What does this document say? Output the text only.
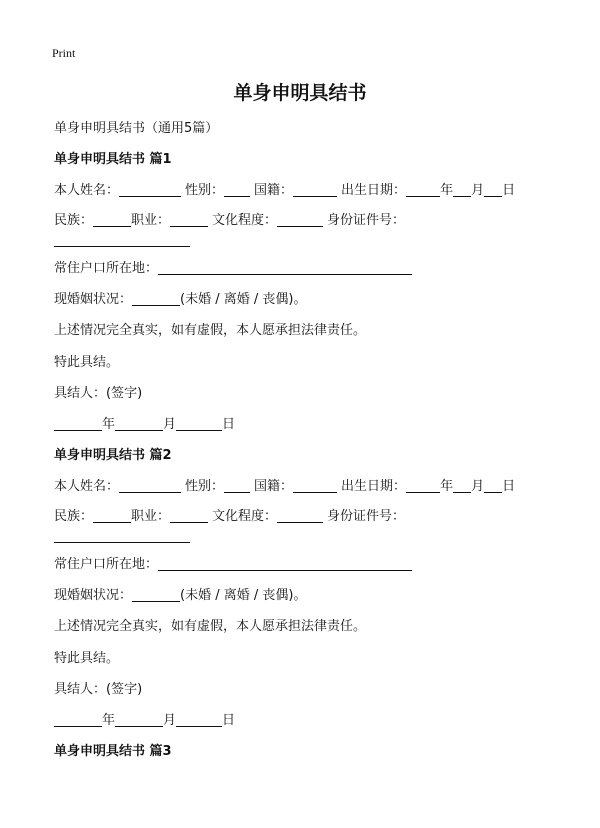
Print
单身申明具结书
单身申明具结书（通用5篇）
单身申明具结书 篇1
本人姓名：	性别： 国籍：	出生日期：	年 月 日
民族：	职业：	文化程度：	身份证件号：
常住户口所在地：
现婚姻状况：	(未婚 / 离婚 / 丧偶)。
上述情况完全真实，如有虚假，本人愿承担法律责任。
特此具结。
具结人：(签字)
年	月	日
单身申明具结书 篇2
本人姓名：	性别： 国籍：	出生日期：	年 月 日
民族：	职业：	文化程度：	身份证件号：
常住户口所在地：
现婚姻状况：	(未婚 / 离婚 / 丧偶)。
上述情况完全真实，如有虚假，本人愿承担法律责任。
特此具结。
具结人：(签字)
年	月	日
单身申明具结书 篇3
